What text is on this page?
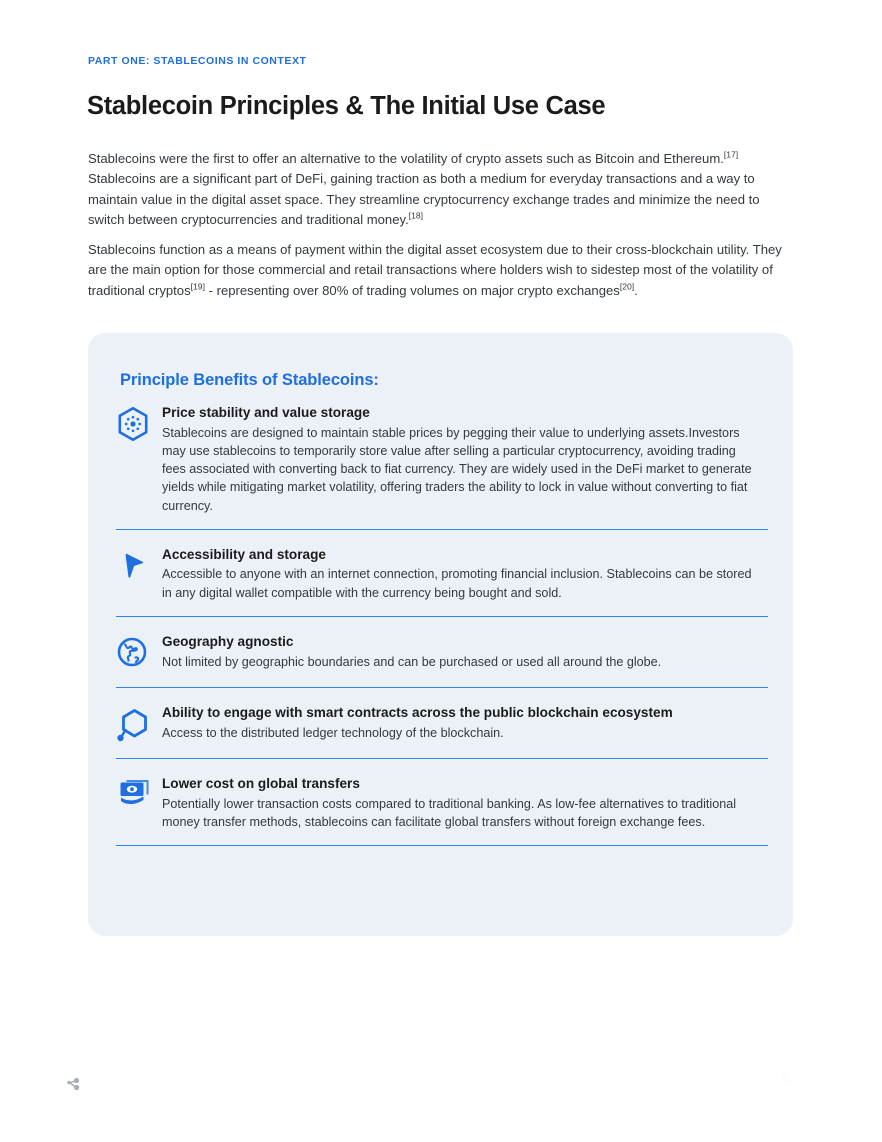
PART ONE: STABLECOINS IN CONTEXT
Stablecoin Principles & The Initial Use Case

Stablecoins were the first to offer an alternative to the volatility of crypto assets such as Bitcoin and Ethereum.[17] Stablecoins are a significant part of DeFi, gaining traction as both a medium for everyday transactions and a way to maintain value in the digital asset space. They streamline cryptocurrency exchange trades and minimize the need to switch between cryptocurrencies and traditional money.[18]

Stablecoins function as a means of payment within the digital asset ecosystem due to their cross-blockchain utility. They are the main option for those commercial and retail transactions where holders wish to sidestep most of the volatility of traditional cryptos[19] - representing over 80% of trading volumes on major crypto exchanges[20].

Principle Benefits of Stablecoins:
Price stability and value storage
Stablecoins are designed to maintain stable prices by pegging their value to underlying assets.Investors may use stablecoins to temporarily store value after selling a particular cryptocurrency, avoiding trading fees associated with converting back to fiat currency. They are widely used in the DeFi market to generate yields while mitigating market volatility, offering traders the ability to lock in value without converting to fiat currency.
Accessibility and storage
Accessible to anyone with an internet connection, promoting financial inclusion. Stablecoins can be stored in any digital wallet compatible with the currency being bought and sold.
Geography agnostic
Not limited by geographic boundaries and can be purchased or used all around the globe.
Ability to engage with smart contracts across the public blockchain ecosystem
Access to the distributed ledger technology of the blockchain.
Lower cost on global transfers
Potentially lower transaction costs compared to traditional banking. As low-fee alternatives to traditional money transfer methods, stablecoins can facilitate global transfers without foreign exchange fees.
5
